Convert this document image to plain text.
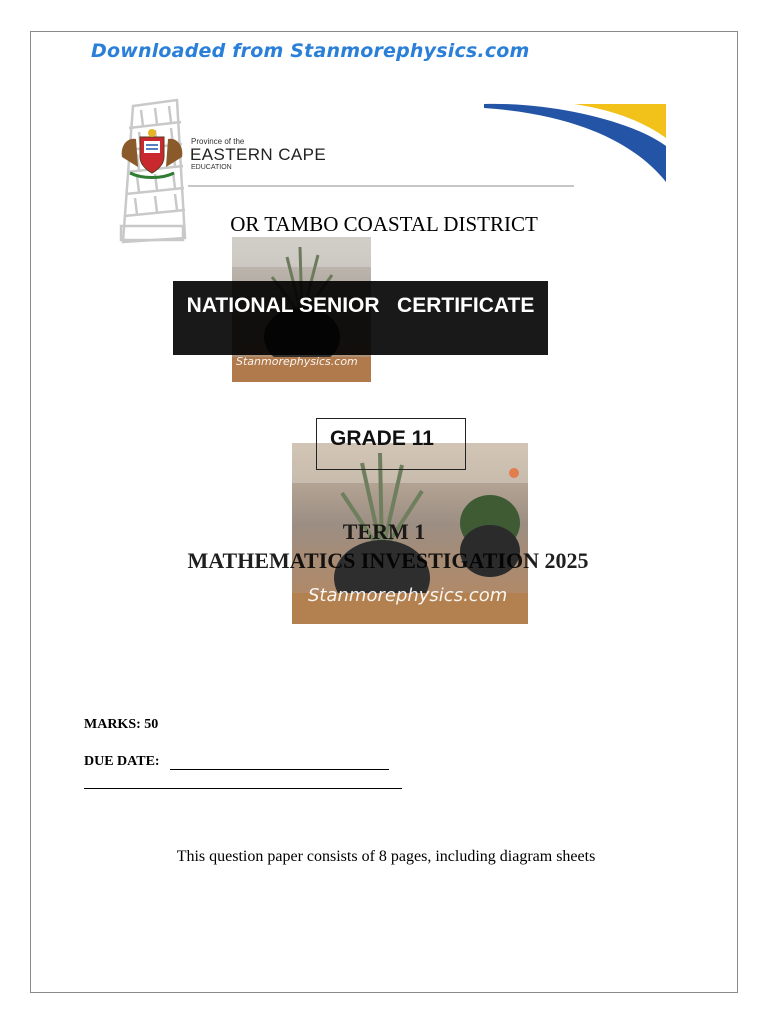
Downloaded from Stanmorephysics.com
Province of the
EASTERN CAPE
EDUCATION
OR TAMBO COASTAL DISTRICT
Stanmorephysics.com
NATIONAL SENIOR   CERTIFICATE
Stanmorephysics.com
GRADE 11
TERM 1
MATHEMATICS INVESTIGATION 2025
MARKS: 50
DUE DATE:
This question paper consists of 8 pages, including diagram sheets
